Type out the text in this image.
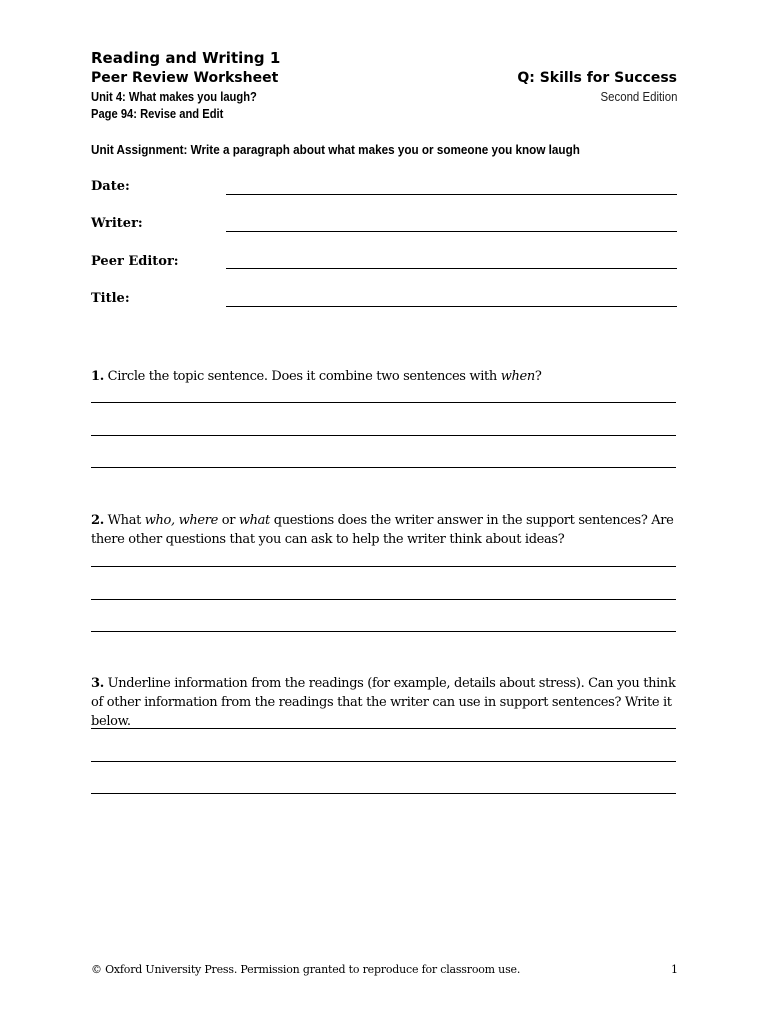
Reading and Writing 1
Peer Review Worksheet
Unit 4: What makes you laugh?
Page 94: Revise and Edit
Q: Skills for Success
Second Edition
Unit Assignment: Write a paragraph about what makes you or someone you know laugh
Date:
Writer:
Peer Editor:
Title:
1. Circle the topic sentence. Does it combine two sentences with when?
2. What who, where or what questions does the writer answer in the support sentences? Are there other questions that you can ask to help the writer think about ideas?
3. Underline information from the readings (for example, details about stress). Can you think of other information from the readings that the writer can use in support sentences? Write it below.
© Oxford University Press. Permission granted to reproduce for classroom use.	1
